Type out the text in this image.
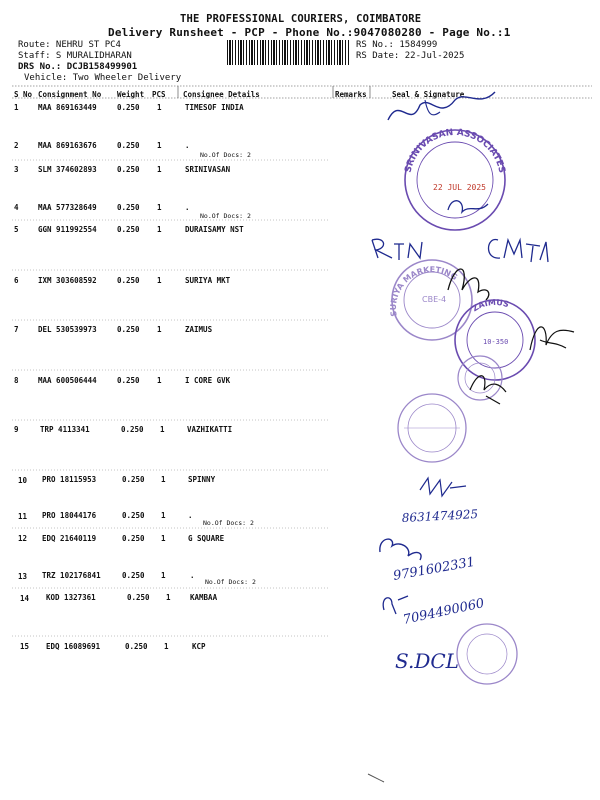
THE PROFESSIONAL COURIERS, COIMBATORE
Delivery Runsheet - PCP - Phone No.:9047080280 - Page No.:1
Route: NEHRU ST PC4
Staff: S MURALIDHARAN
DRS No.: DCJB158499901
Vehicle: Two Wheeler Delivery
RS No.: 1584999
RS Date: 22-Jul-2025
S No Consignment No Weight PCS Consignee Details	Remarks	Seal & Signature
1	MAA 869163449	0.250 1	TIMESOF INDIA
2	MAA 869163676	0.250 1	.
No.Of Docs: 2
3	SLM 374602893	0.250 1	SRINIVASAN
4	MAA 577328649	0.250 1	.
No.Of Docs: 2
5	GGN 911992554	0.250 1	DURAISAMY NST
6	IXM 303608592	0.250 1	SURIYA MKT
7	DEL 530539973	0.250 1	ZAIMUS
8	MAA 600506444	0.250 1	I CORE GVK
9	TRP 4113341	0.250 1	VAZHIKATTI
10 PRO 18115953	0.250 1	SPINNY
11 PRO 18044176	0.250 1	.
No.Of Docs: 2
12 EDQ 21640119	0.250 1	G SQUARE
13 TRZ 102176841	0.250 1	.
No.Of Docs: 2
14 KOD 1327361	0.250 1	KAMBAA
15 EDQ 16089691	0.250 1	KCP
SRINIVASAN ASSOCIATES
22 JUL 2025
SURIYA MARKETING
CBE-4
ZAIMUS
10-350
8631474925
9791602331
7094490060
S.DCL
